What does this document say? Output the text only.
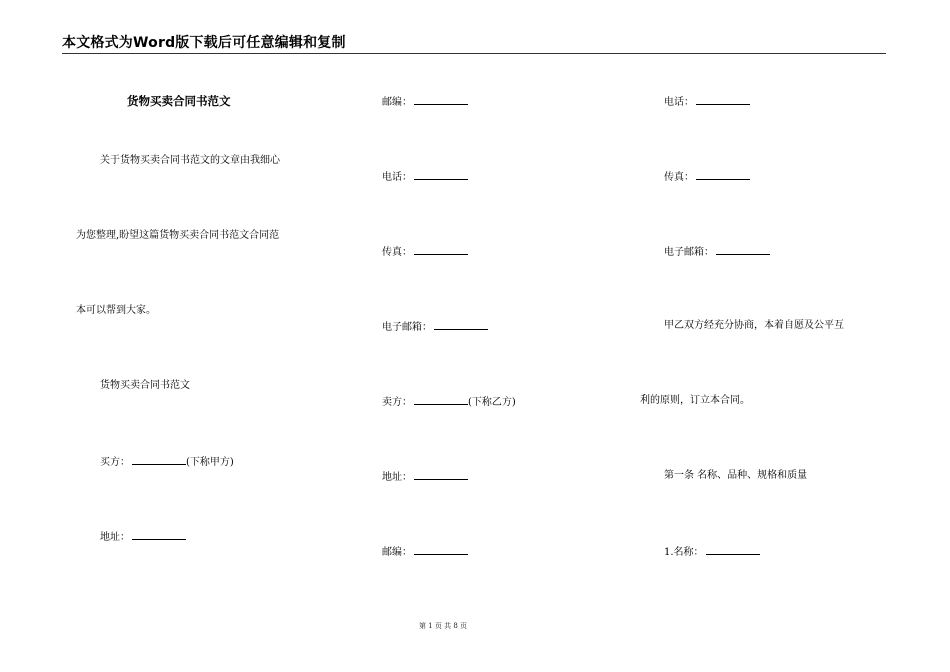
本文格式为Word版下载后可任意编辑和复制
货物买卖合同书范文
关于货物买卖合同书范文的文章由我细心
为您整理,盼望这篇货物买卖合同书范文合同范
本可以帮到大家。
货物买卖合同书范文
买方：	(下称甲方)
地址：
邮编：
电话：
传真：
电子邮箱：
卖方：	(下称乙方)
地址：
邮编：
电话：
传真：
电子邮箱：
甲乙双方经充分协商，本着自愿及公平互
利的原则，订立本合同。
第一条 名称、品种、规格和质量
1.名称：
第 1 页 共 8 页
